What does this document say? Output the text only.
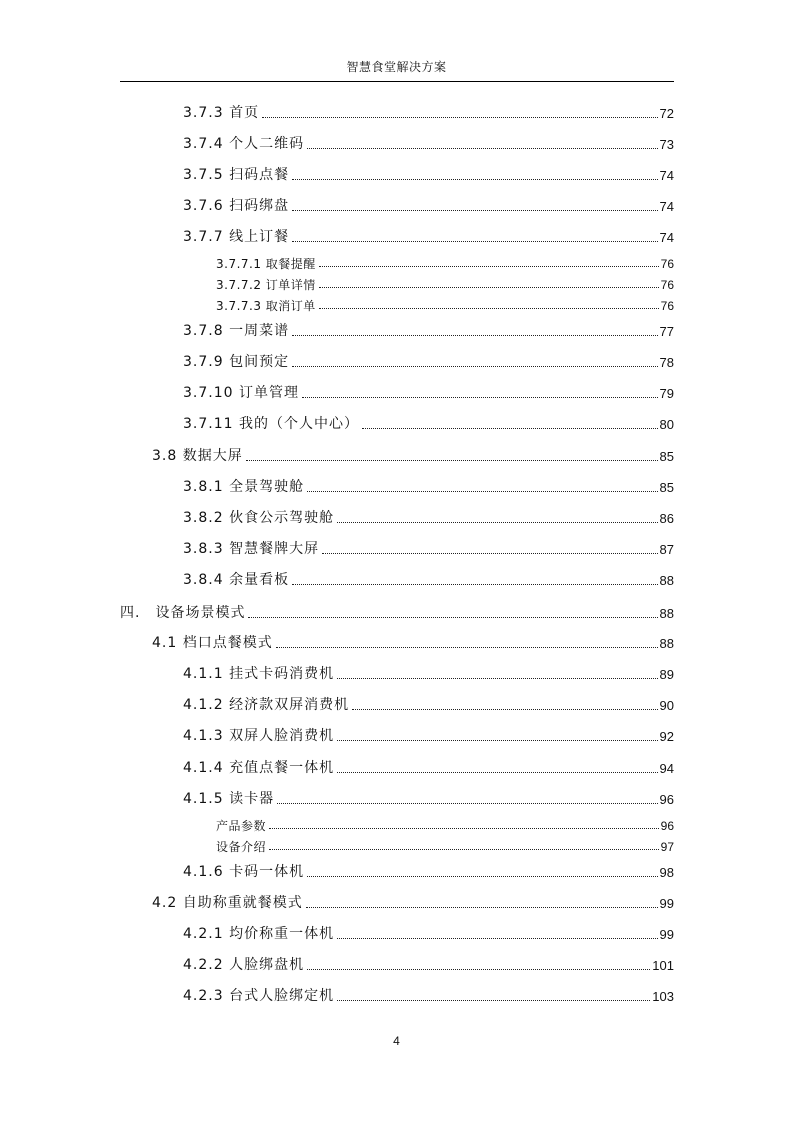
智慧食堂解决方案
3.7.3 首页	72
3.7.4 个人二维码	73
3.7.5 扫码点餐	74
3.7.6 扫码绑盘	74
3.7.7 线上订餐	74
3.7.7.1 取餐提醒	76
3.7.7.2 订单详情	76
3.7.7.3 取消订单	76
3.7.8 一周菜谱	77
3.7.9 包间预定	78
3.7.10 订单管理	79
3.7.11 我的（个人中心）	80
3.8 数据大屏	85
3.8.1 全景驾驶舱	85
3.8.2 伙食公示驾驶舱	86
3.8.3 智慧餐牌大屏	87
3.8.4 余量看板	88
四.　设备场景模式	88
4.1 档口点餐模式	88
4.1.1 挂式卡码消费机	89
4.1.2 经济款双屏消费机	90
4.1.3 双屏人脸消费机	92
4.1.4 充值点餐一体机	94
4.1.5 读卡器	96
产品参数	96
设备介绍	97
4.1.6 卡码一体机	98
4.2 自助称重就餐模式	99
4.2.1 均价称重一体机	99
4.2.2 人脸绑盘机	101
4.2.3 台式人脸绑定机	103
4
